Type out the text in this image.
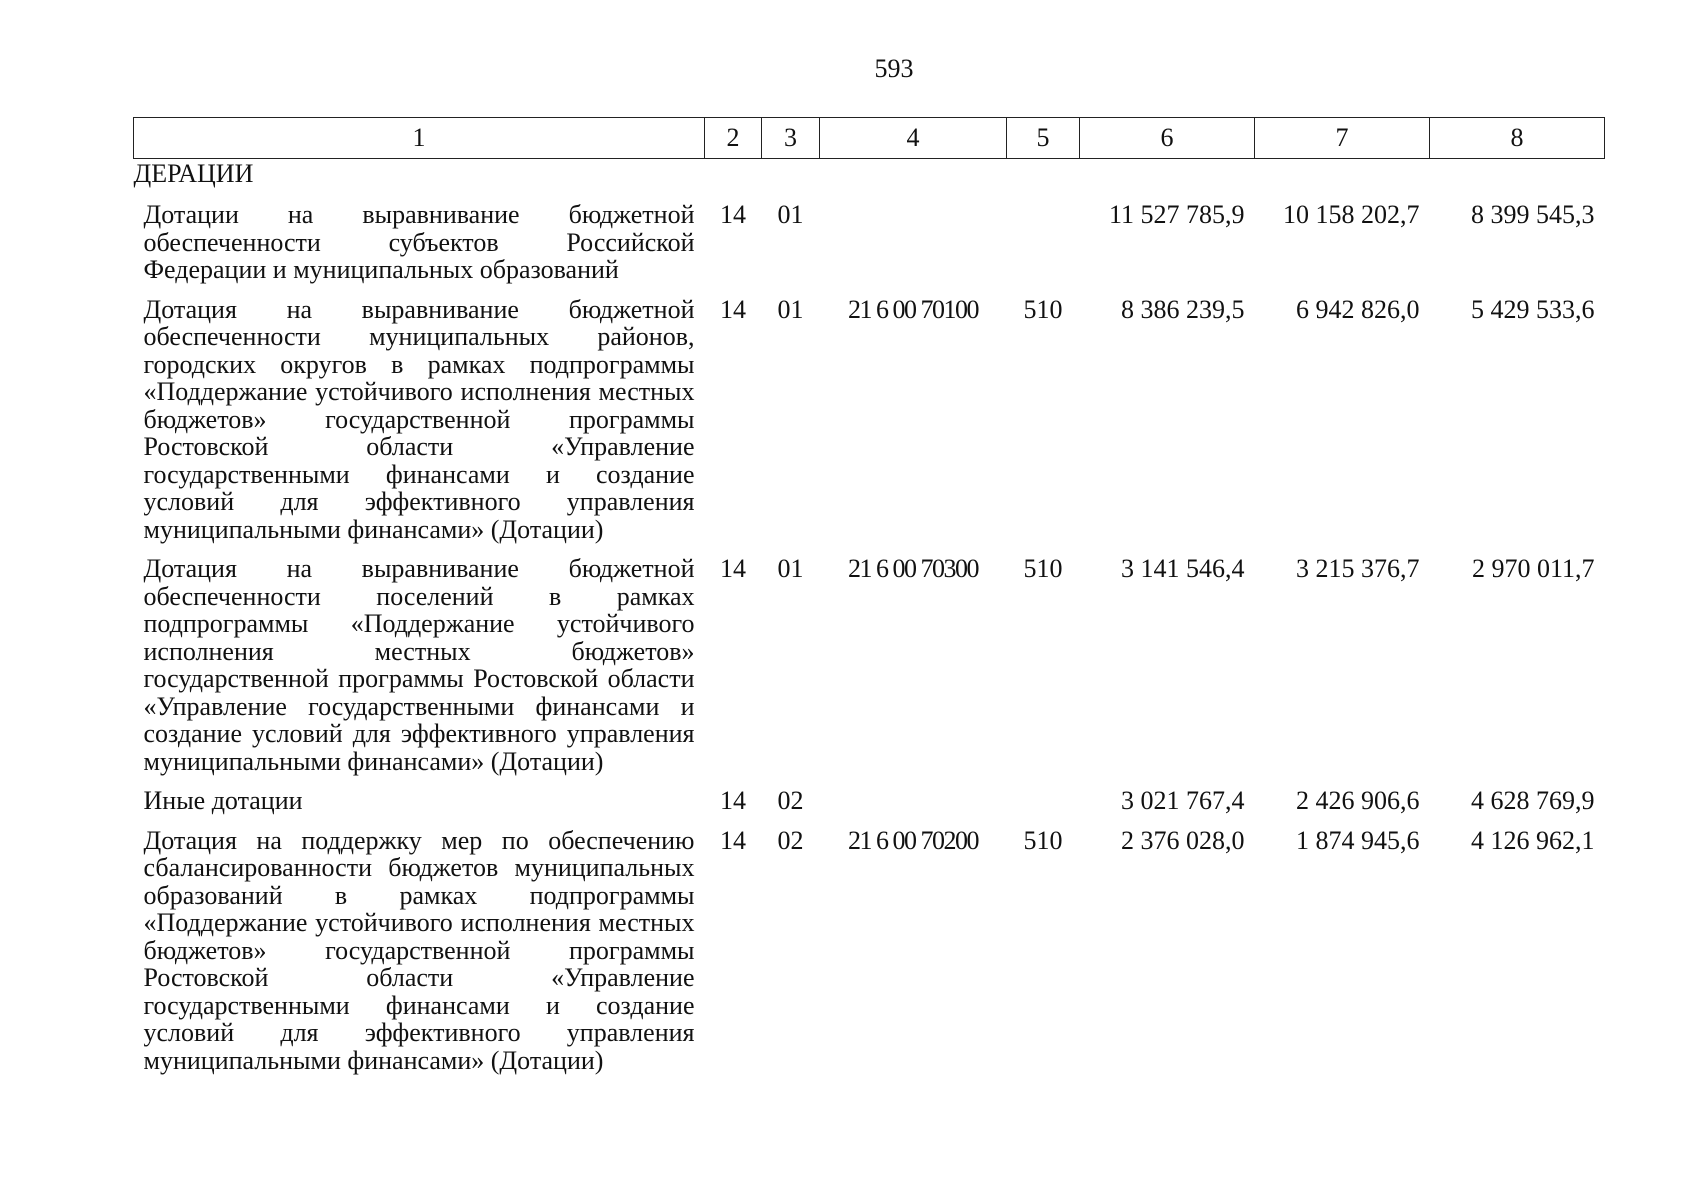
593
1	2	3	4	5	6	7	8
ДЕРАЦИИ							
Дотации на выравнивание бюджетной обеспеченности субъектов Российской Федерации и муниципальных образований	14	01			11 527 785,9	10 158 202,7	8 399 545,3
Дотация на выравнивание бюджетной обеспеченности муниципальных районов, городских округов в рамках подпрограммы «Поддержание устойчивого исполнения местных бюджетов» государственной программы Ростовской области «Управление государственными финансами и создание условий для эффективного управления муниципальными финансами» (Дотации)	14	01	21 6 00 70100	510	8 386 239,5	6 942 826,0	5 429 533,6
Дотация на выравнивание бюджетной обеспеченности поселений в рамках подпрограммы «Поддержание устойчивого исполнения местных бюджетов» государственной программы Ростовской области «Управление государственными финансами и создание условий для эффективного управления муниципальными финансами» (Дотации)	14	01	21 6 00 70300	510	3 141 546,4	3 215 376,7	2 970 011,7
Иные дотации	14	02			3 021 767,4	2 426 906,6	4 628 769,9
Дотация на поддержку мер по обеспечению сбалансированности бюджетов муниципальных образований в рамках подпрограммы «Поддержание устойчивого исполнения местных бюджетов» государственной программы Ростовской области «Управление государственными финансами и создание условий для эффективного управления муниципальными финансами» (Дотации)	14	02	21 6 00 70200	510	2 376 028,0	1 874 945,6	4 126 962,1
